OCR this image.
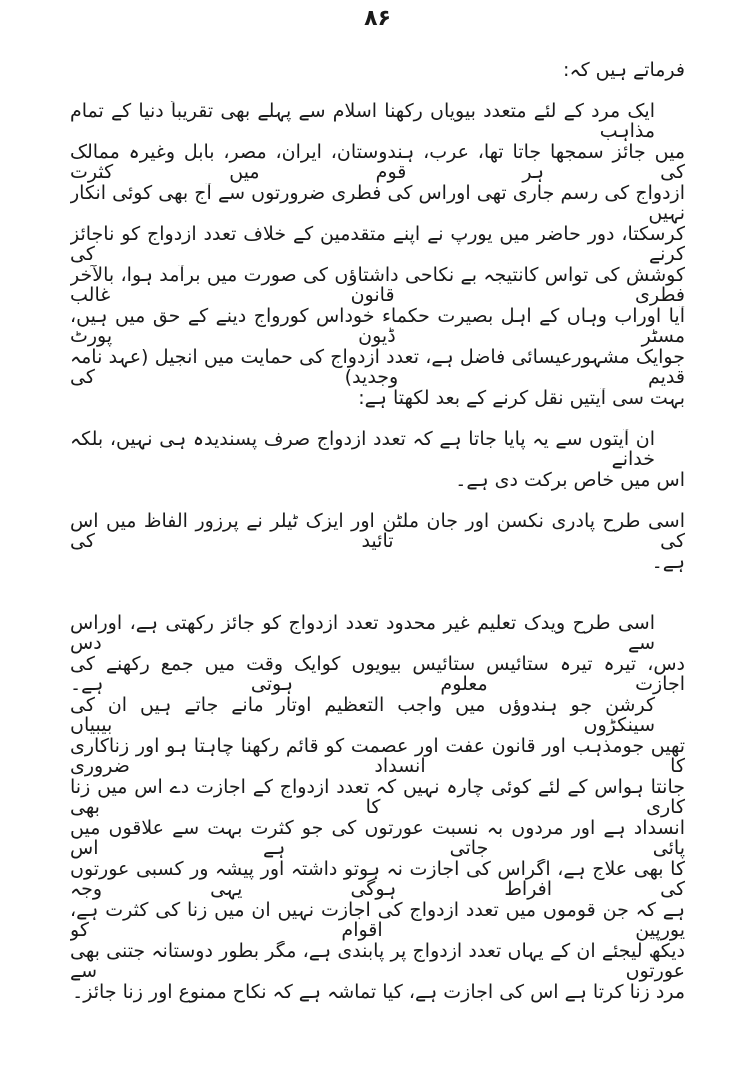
۸۶
فرماتے ہیں کہ:
ایک مرد کے لئے متعدد بیویاں رکھنا اسلام سے پہلے بھی تقریباً دنیا کے تمام مذاہب
میں جائز سمجھا جاتا تھا، عرب، ہندوستان، ایران، مصر، بابل وغیرہ ممالک کی ہر قوم میں کثرت
ازدواج کی رسم جاری تھی اوراس کی فطری ضرورتوں سے آج بھی کوئی انکار نہیں
کرسکتا، دور حاضر میں یورپ نے اپنے متقدمین کے خلاف تعدد ازدواج کو ناجائز کرنے کی
کوشش کی تواس کانتیجہ بے نکاحی داشتاؤں کی صورت میں برآمد ہوا، بالآخر فطری قانون غالب
آیا اوراب وہاں کے اہل بصیرت حکماء خوداس کورواج دینے کے حق میں ہیں، مسٹر ڈیون پورٹ
جوایک مشہورعیسائی فاضل ہے، تعدد ازدواج کی حمایت میں انجیل (عہد نامہ قدیم وجدید) کی
بہت سی آیتیں نقل کرنے کے بعد لکھتا ہے:
ان آیتوں سے یہ پایا جاتا ہے کہ تعدد ازدواج صرف پسندیدہ ہی نہیں، بلکہ خدانے
اس میں خاص برکت دی ہے۔
اسی طرح پادری نکسن اور جان ملٹن اور ایزک ٹیلر نے پرزور الفاظ میں اس کی تائید کی
ہے۔
اسی طرح ویدک تعلیم غیر محدود تعدد ازدواج کو جائز رکھتی ہے، اوراس سے دس
دس، تیرہ تیرہ ستائیس ستائیس بیویوں کوایک وقت میں جمع رکھنے کی اجازت معلوم ہوتی ہے۔
کرشن جو ہندوؤں میں واجب التعظیم اوتار مانے جاتے ہیں ان کی سینکڑوں بیبیاں
تھیں جومذہب اور قانون عفت اور عصمت کو قائم رکھنا چاہتا ہو اور زناکاری کا انسداد ضروری
جانتا ہواس کے لئے کوئی چارہ نہیں کہ تعدد ازدواج کے اجازت دے اس میں زنا کاری کا بھی
انسداد ہے اور مردوں بہ نسبت عورتوں کی جو کثرت بہت سے علاقوں میں پائی جاتی ہے اس
کا بھی علاج ہے، اگراس کی اجازت نہ ہوتو داشتہ اور پیشہ ور کسبی عورتوں کی افراط ہوگی یہی وجہ
ہے کہ جن قوموں میں تعدد ازدواج کی اجازت نہیں ان میں زنا کی کثرت ہے، یورپین اقوام کو
دیکھ لیجئے ان کے یہاں تعدد ازدواج پر پابندی ہے، مگر بطور دوستانہ جتنی بھی عورتوں سے
مرد زنا کرتا ہے اس کی اجازت ہے، کیا تماشہ ہے کہ نکاح ممنوع اور زنا جائز۔
